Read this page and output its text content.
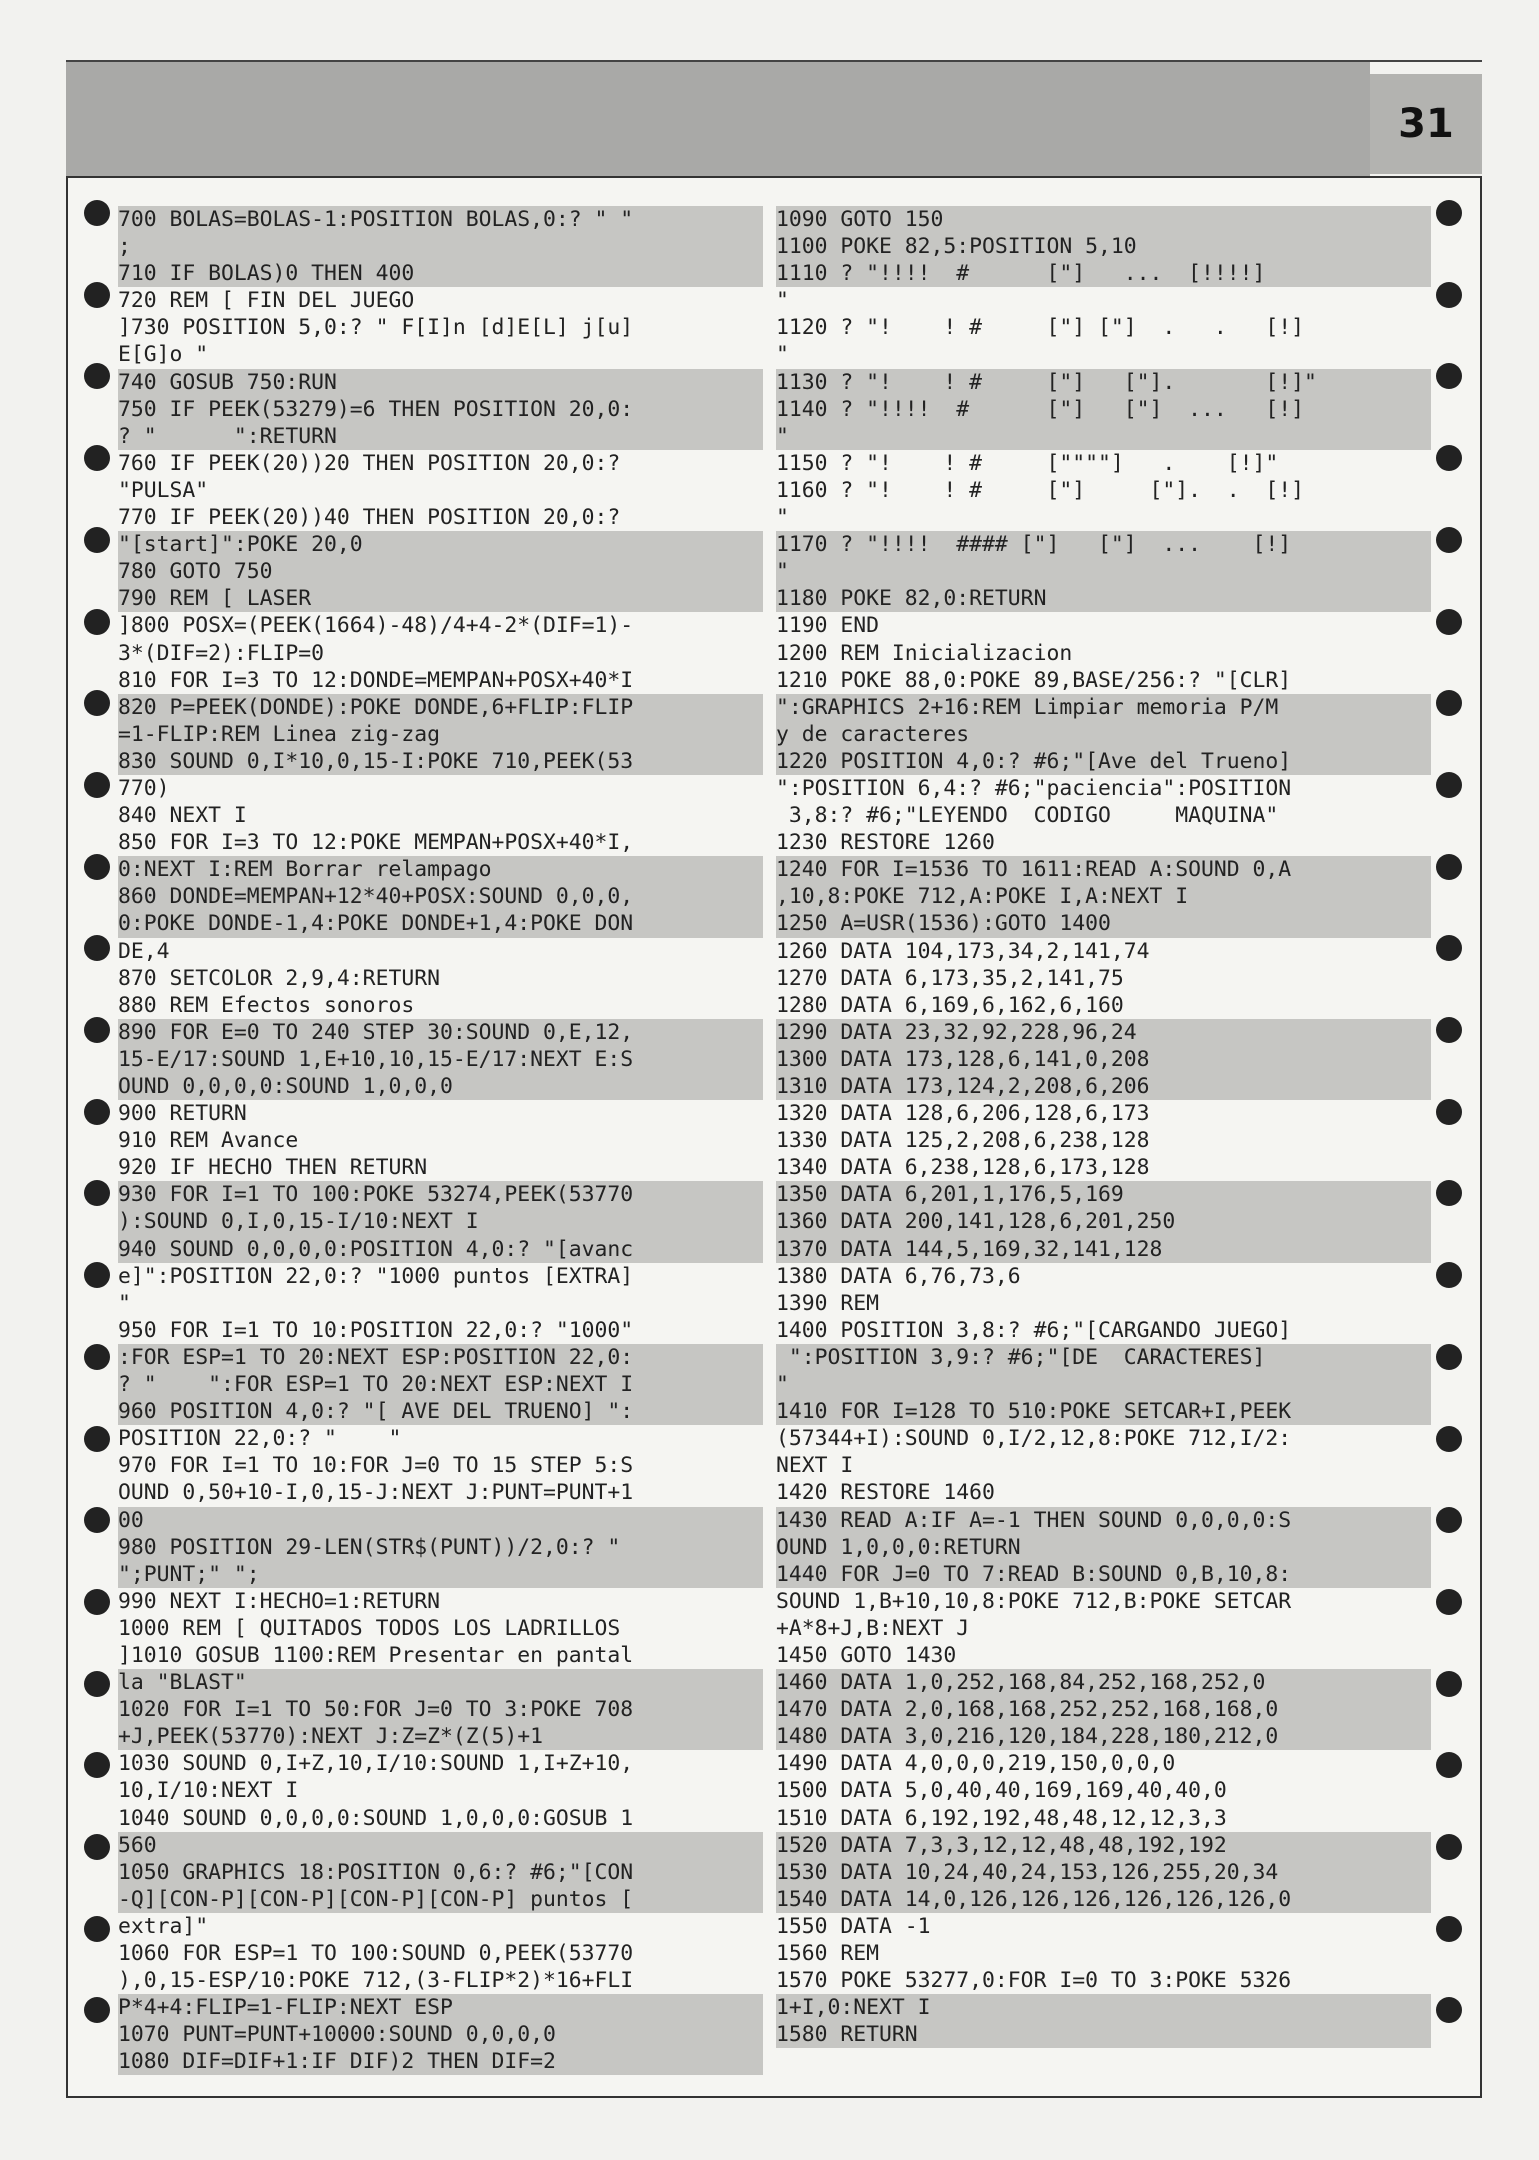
31
700 BOLAS=BOLAS-1:POSITION BOLAS,0:? " "
;
710 IF BOLAS)0 THEN 400
720 REM [ FIN DEL JUEGO
]730 POSITION 5,0:? " F[I]n [d]E[L] j[u]
E[G]o "
740 GOSUB 750:RUN
750 IF PEEK(53279)=6 THEN POSITION 20,0:
? "      ":RETURN
760 IF PEEK(20))20 THEN POSITION 20,0:?
"PULSA"
770 IF PEEK(20))40 THEN POSITION 20,0:?
"[start]":POKE 20,0
780 GOTO 750
790 REM [ LASER
]800 POSX=(PEEK(1664)-48)/4+4-2*(DIF=1)-
3*(DIF=2):FLIP=0
810 FOR I=3 TO 12:DONDE=MEMPAN+POSX+40*I
820 P=PEEK(DONDE):POKE DONDE,6+FLIP:FLIP
=1-FLIP:REM Linea zig-zag
830 SOUND 0,I*10,0,15-I:POKE 710,PEEK(53
770)
840 NEXT I
850 FOR I=3 TO 12:POKE MEMPAN+POSX+40*I,
0:NEXT I:REM Borrar relampago
860 DONDE=MEMPAN+12*40+POSX:SOUND 0,0,0,
0:POKE DONDE-1,4:POKE DONDE+1,4:POKE DON
DE,4
870 SETCOLOR 2,9,4:RETURN
880 REM Efectos sonoros
890 FOR E=0 TO 240 STEP 30:SOUND 0,E,12,
15-E/17:SOUND 1,E+10,10,15-E/17:NEXT E:S
OUND 0,0,0,0:SOUND 1,0,0,0
900 RETURN
910 REM Avance
920 IF HECHO THEN RETURN
930 FOR I=1 TO 100:POKE 53274,PEEK(53770
):SOUND 0,I,0,15-I/10:NEXT I
940 SOUND 0,0,0,0:POSITION 4,0:? "[avanc
e]":POSITION 22,0:? "1000 puntos [EXTRA]
"
950 FOR I=1 TO 10:POSITION 22,0:? "1000"
:FOR ESP=1 TO 20:NEXT ESP:POSITION 22,0:
? "    ":FOR ESP=1 TO 20:NEXT ESP:NEXT I
960 POSITION 4,0:? "[ AVE DEL TRUENO] ":
POSITION 22,0:? "    "
970 FOR I=1 TO 10:FOR J=0 TO 15 STEP 5:S
OUND 0,50+10-I,0,15-J:NEXT J:PUNT=PUNT+1
00
980 POSITION 29-LEN(STR$(PUNT))/2,0:? "
";PUNT;" ";
990 NEXT I:HECHO=1:RETURN
1000 REM [ QUITADOS TODOS LOS LADRILLOS
]1010 GOSUB 1100:REM Presentar en pantal
la "BLAST"
1020 FOR I=1 TO 50:FOR J=0 TO 3:POKE 708
+J,PEEK(53770):NEXT J:Z=Z*(Z(5)+1
1030 SOUND 0,I+Z,10,I/10:SOUND 1,I+Z+10,
10,I/10:NEXT I
1040 SOUND 0,0,0,0:SOUND 1,0,0,0:GOSUB 1
560
1050 GRAPHICS 18:POSITION 0,6:? #6;"[CON
-Q][CON-P][CON-P][CON-P][CON-P] puntos [
extra]"
1060 FOR ESP=1 TO 100:SOUND 0,PEEK(53770
),0,15-ESP/10:POKE 712,(3-FLIP*2)*16+FLI
P*4+4:FLIP=1-FLIP:NEXT ESP
1070 PUNT=PUNT+10000:SOUND 0,0,0,0
1080 DIF=DIF+1:IF DIF)2 THEN DIF=2
1090 GOTO 150
1100 POKE 82,5:POSITION 5,10
1110 ? "!!!!  #      ["]   ...  [!!!!]
"
1120 ? "!    ! #     ["] ["]  .   .   [!]
"
1130 ? "!    ! #     ["]   ["].       [!]"
1140 ? "!!!!  #      ["]   ["]  ...   [!]
"
1150 ? "!    ! #     [""""]   .    [!]"
1160 ? "!    ! #     ["]     ["].  .  [!]
"
1170 ? "!!!!  #### ["]   ["]  ...    [!]
"
1180 POKE 82,0:RETURN
1190 END
1200 REM Inicializacion
1210 POKE 88,0:POKE 89,BASE/256:? "[CLR]
":GRAPHICS 2+16:REM Limpiar memoria P/M
y de caracteres
1220 POSITION 4,0:? #6;"[Ave del Trueno]
":POSITION 6,4:? #6;"paciencia":POSITION
3,8:? #6;"LEYENDO  CODIGO     MAQUINA"
1230 RESTORE 1260
1240 FOR I=1536 TO 1611:READ A:SOUND 0,A
,10,8:POKE 712,A:POKE I,A:NEXT I
1250 A=USR(1536):GOTO 1400
1260 DATA 104,173,34,2,141,74
1270 DATA 6,173,35,2,141,75
1280 DATA 6,169,6,162,6,160
1290 DATA 23,32,92,228,96,24
1300 DATA 173,128,6,141,0,208
1310 DATA 173,124,2,208,6,206
1320 DATA 128,6,206,128,6,173
1330 DATA 125,2,208,6,238,128
1340 DATA 6,238,128,6,173,128
1350 DATA 6,201,1,176,5,169
1360 DATA 200,141,128,6,201,250
1370 DATA 144,5,169,32,141,128
1380 DATA 6,76,73,6
1390 REM
1400 POSITION 3,8:? #6;"[CARGANDO JUEGO]
":POSITION 3,9:? #6;"[DE  CARACTERES]
"
1410 FOR I=128 TO 510:POKE SETCAR+I,PEEK
(57344+I):SOUND 0,I/2,12,8:POKE 712,I/2:
NEXT I
1420 RESTORE 1460
1430 READ A:IF A=-1 THEN SOUND 0,0,0,0:S
OUND 1,0,0,0:RETURN
1440 FOR J=0 TO 7:READ B:SOUND 0,B,10,8:
SOUND 1,B+10,10,8:POKE 712,B:POKE SETCAR
+A*8+J,B:NEXT J
1450 GOTO 1430
1460 DATA 1,0,252,168,84,252,168,252,0
1470 DATA 2,0,168,168,252,252,168,168,0
1480 DATA 3,0,216,120,184,228,180,212,0
1490 DATA 4,0,0,0,219,150,0,0,0
1500 DATA 5,0,40,40,169,169,40,40,0
1510 DATA 6,192,192,48,48,12,12,3,3
1520 DATA 7,3,3,12,12,48,48,192,192
1530 DATA 10,24,40,24,153,126,255,20,34
1540 DATA 14,0,126,126,126,126,126,126,0
1550 DATA -1
1560 REM
1570 POKE 53277,0:FOR I=0 TO 3:POKE 5326
1+I,0:NEXT I
1580 RETURN
